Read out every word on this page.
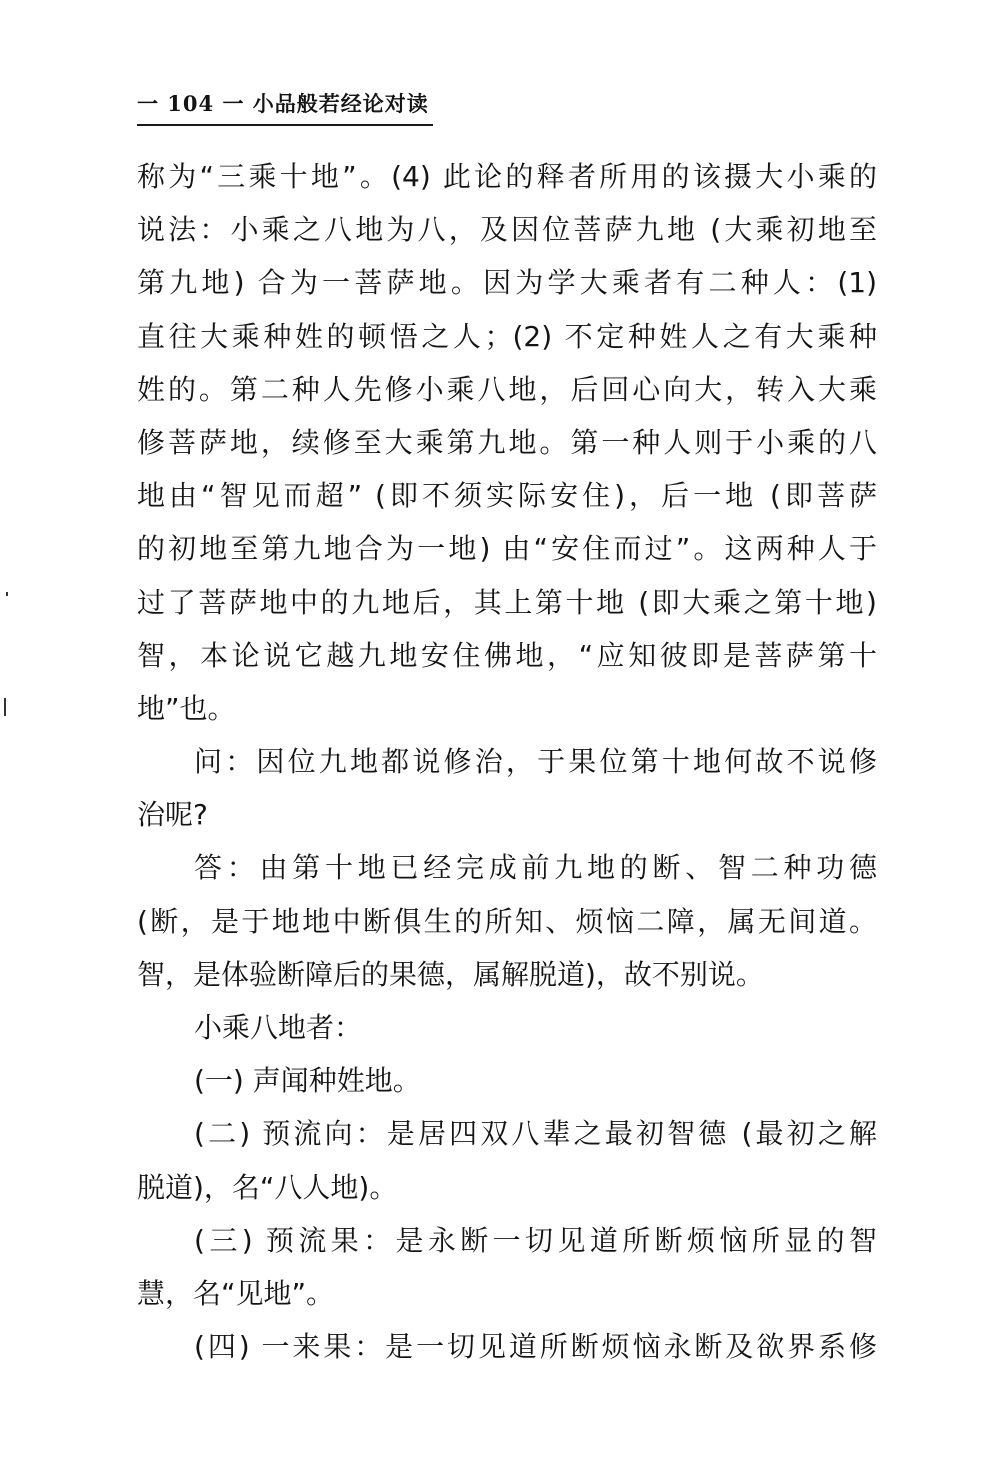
一 104 一 小品般若经论对读
称为“三乘十地”。(4) 此论的释者所用的该摄大小乘的
说法：小乘之八地为八，及因位菩萨九地 (大乘初地至
第九地) 合为一菩萨地。因为学大乘者有二种人：(1)
直往大乘种姓的顿悟之人；(2) 不定种姓人之有大乘种
姓的。第二种人先修小乘八地，后回心向大，转入大乘
修菩萨地，续修至大乘第九地。第一种人则于小乘的八
地由“智见而超” (即不须实际安住)，后一地 (即菩萨
的初地至第九地合为一地) 由“安住而过”。这两种人于
过了菩萨地中的九地后，其上第十地 (即大乘之第十地)
智，本论说它越九地安住佛地，“应知彼即是菩萨第十
地”也。
问：因位九地都说修治，于果位第十地何故不说修
治呢?
答：由第十地已经完成前九地的断、智二种功德
(断，是于地地中断俱生的所知、烦恼二障，属无间道。
智，是体验断障后的果德，属解脱道)，故不别说。
小乘八地者：
(一) 声闻种姓地。
(二) 预流向：是居四双八辈之最初智德 (最初之解
脱道)，名“八人地)。
(三) 预流果：是永断一切见道所断烦恼所显的智
慧，名“见地”。
(四) 一来果：是一切见道所断烦恼永断及欲界系修
